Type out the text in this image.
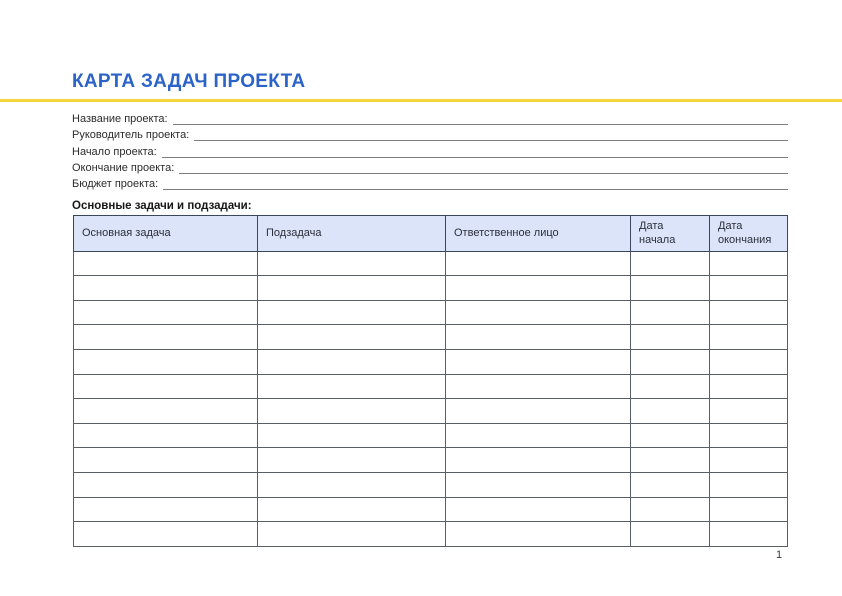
КАРТА ЗАДАЧ ПРОЕКТА
Название проекта:
Руководитель проекта:
Начало проекта:
Окончание проекта:
Бюджет проекта:
Основные задачи и подзадачи:
Основная задача	Подзадача	Ответственное лицо	Дата начала	Дата окончания

1
